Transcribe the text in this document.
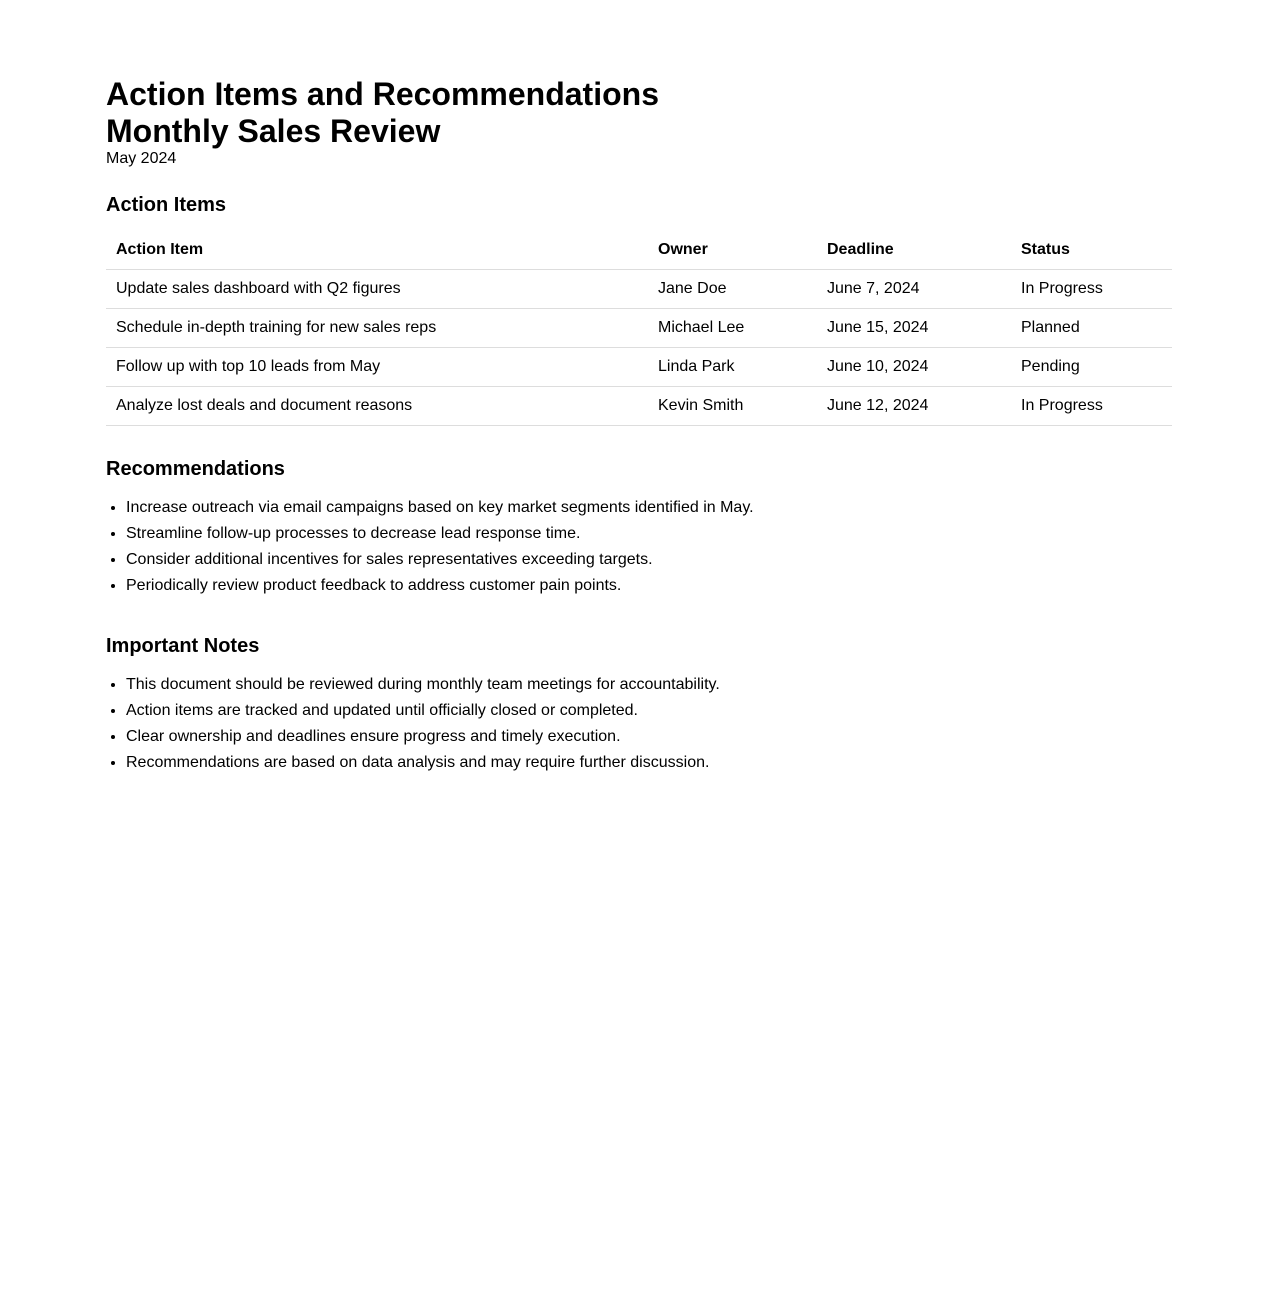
Action Items and Recommendations
Monthly Sales Review
May 2024
Action Items
Action Item	Owner	Deadline	Status
Update sales dashboard with Q2 figures	Jane Doe	June 7, 2024	In Progress
Schedule in-depth training for new sales reps	Michael Lee	June 15, 2024	Planned
Follow up with top 10 leads from May	Linda Park	June 10, 2024	Pending
Analyze lost deals and document reasons	Kevin Smith	June 12, 2024	In Progress
Recommendations
• Increase outreach via email campaigns based on key market segments identified in May.
• Streamline follow-up processes to decrease lead response time.
• Consider additional incentives for sales representatives exceeding targets.
• Periodically review product feedback to address customer pain points.
Important Notes
• This document should be reviewed during monthly team meetings for accountability.
• Action items are tracked and updated until officially closed or completed.
• Clear ownership and deadlines ensure progress and timely execution.
• Recommendations are based on data analysis and may require further discussion.
